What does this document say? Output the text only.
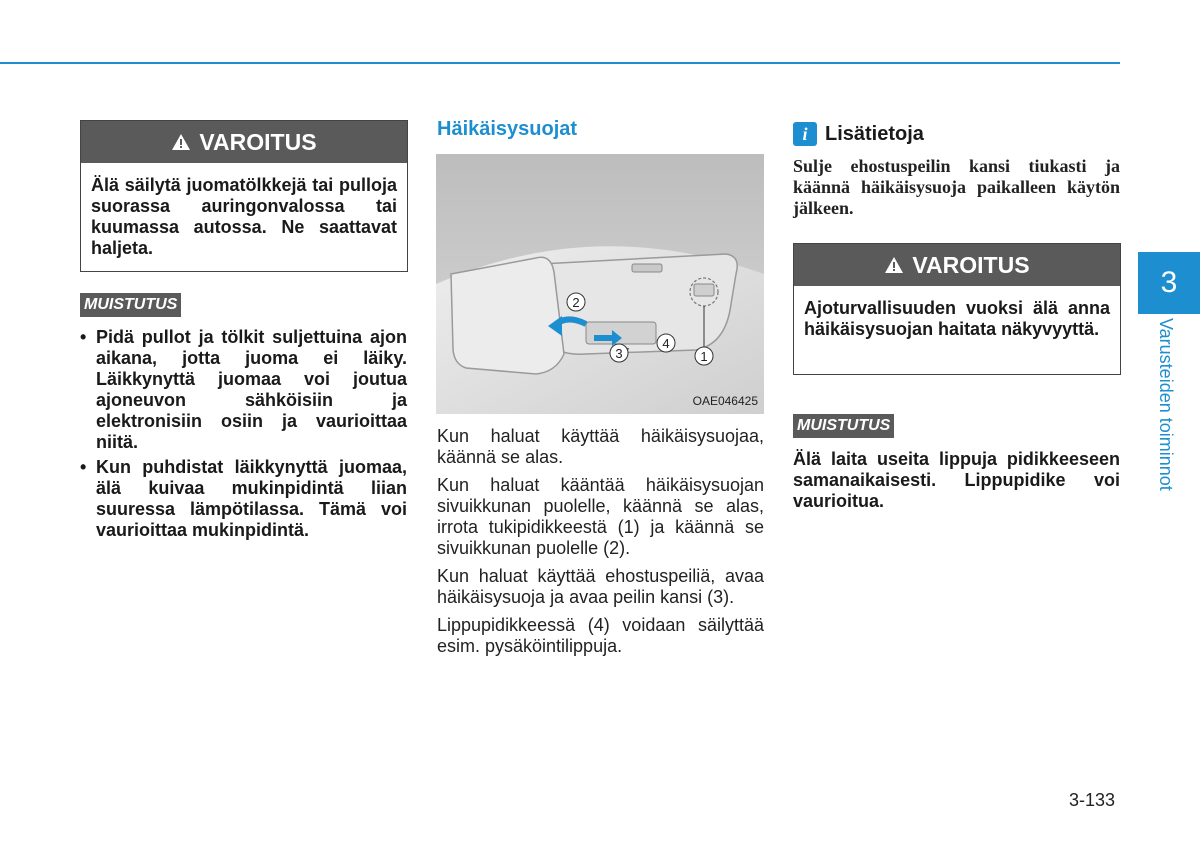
VAROITUS
Älä säilytä juomatölkkejä tai pulloja suorassa auringonvalossa tai kuumassa autossa. Ne saattavat haljeta.
MUISTUTUS
• Pidä pullot ja tölkit suljettuina ajon aikana, jotta juoma ei läiky. Läikkynyttä juomaa voi joutua ajoneuvon sähköisiin ja elektronisiin osiin ja vaurioittaa niitä.
• Kun puhdistat läikkynyttä juomaa, älä kuivaa mukinpidintä liian suuressa lämpötilassa. Tämä voi vaurioittaa mukinpidintä.
Häikäisysuojat
1
2
3
4
OAE046425

Kun haluat käyttää häikäisysuojaa, käännä se alas.

Kun haluat kääntää häikäisysuojan sivuikkunan puolelle, käännä se alas, irrota tukipidikkeestä (1) ja käännä se sivuikkunan puolelle (2).

Kun haluat käyttää ehostuspeiliä, avaa häikäisysuoja ja avaa peilin kansi (3).

Lippupidikkeessä (4) voidaan säilyttää esim. pysäköintilippuja.

i Lisätietoja
Sulje ehostuspeilin kansi tiukasti ja käännä häikäisysuoja paikalleen käytön jälkeen.
VAROITUS
Ajoturvallisuuden vuoksi älä anna häikäisysuojan haitata näkyvyyttä.
MUISTUTUS
Älä laita useita lippuja pidikkeeseen samanaikaisesti. Lippupidike voi vaurioitua.
3
Varusteiden toiminnot
3-133
